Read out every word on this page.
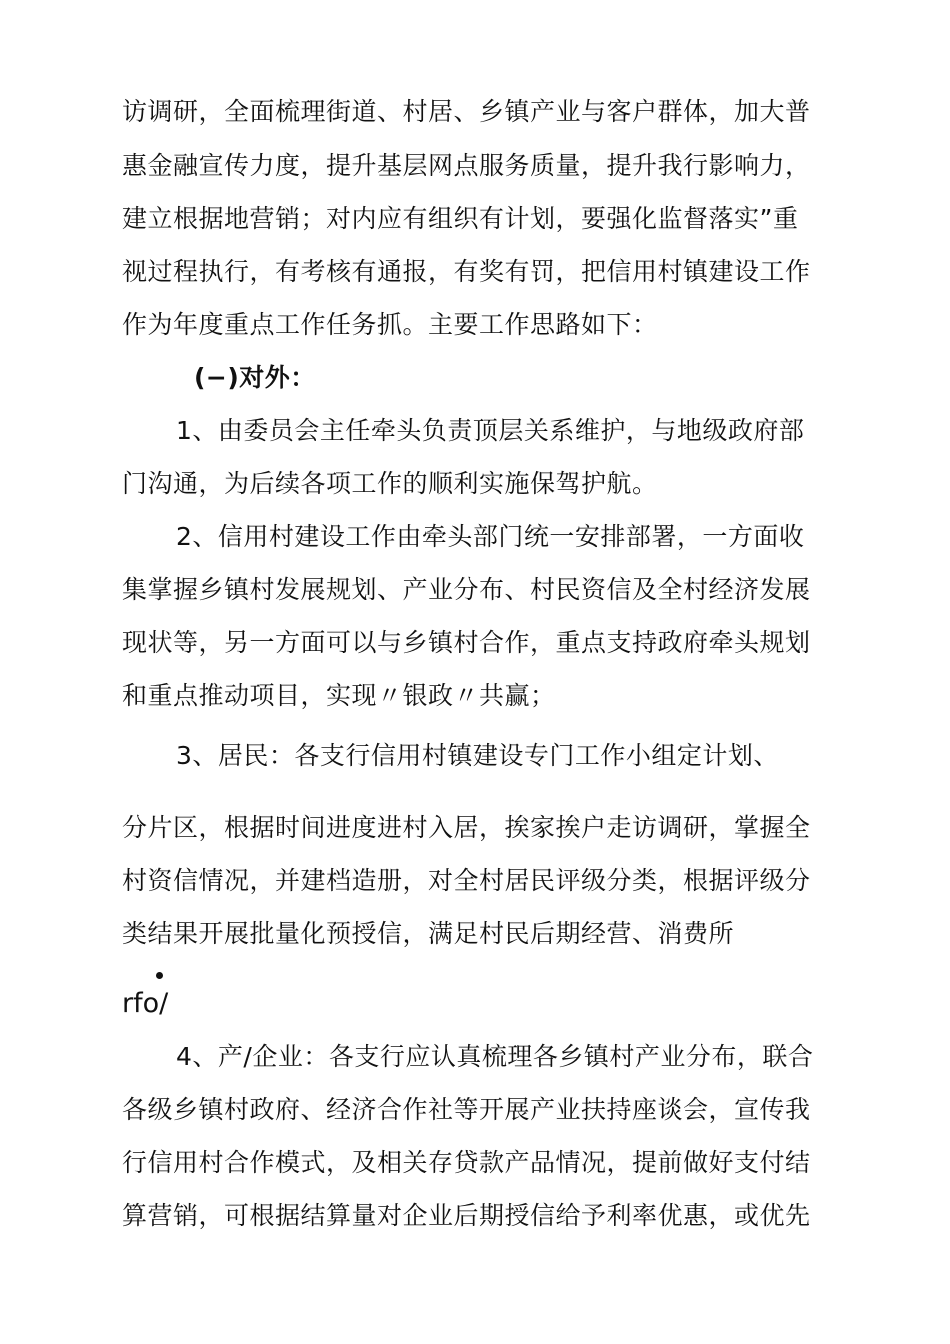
访调研，全面梳理街道、村居、乡镇产业与客户群体，加大普
惠金融宣传力度，提升基层网点服务质量，提升我行影响力，
建立根据地营销；对内应有组织有计划，要强化监督落实”重
视过程执行，有考核有通报，有奖有罚，把信用村镇建设工作
作为年度重点工作任务抓。主要工作思路如下：
(−)对外：
1、由委员会主任牵头负责顶层关系维护，与地级政府部
门沟通，为后续各项工作的顺利实施保驾护航。
2、信用村建设工作由牵头部门统一安排部署，一方面收
集掌握乡镇村发展规划、产业分布、村民资信及全村经济发展
现状等，另一方面可以与乡镇村合作，重点支持政府牵头规划
和重点推动项目，实现〃银政〃共赢；
3、居民：各支行信用村镇建设专门工作小组定计划、
分片区，根据时间进度进村入居，挨家挨户走访调研，掌握全
村资信情况，并建档造册，对全村居民评级分类，根据评级分
类结果开展批量化预授信，满足村民后期经营、消费所
rfo/
4、产/企业：各支行应认真梳理各乡镇村产业分布，联合
各级乡镇村政府、经济合作社等开展产业扶持座谈会，宣传我
行信用村合作模式，及相关存贷款产品情况，提前做好支付结
算营销，可根据结算量对企业后期授信给予利率优惠，或优先
